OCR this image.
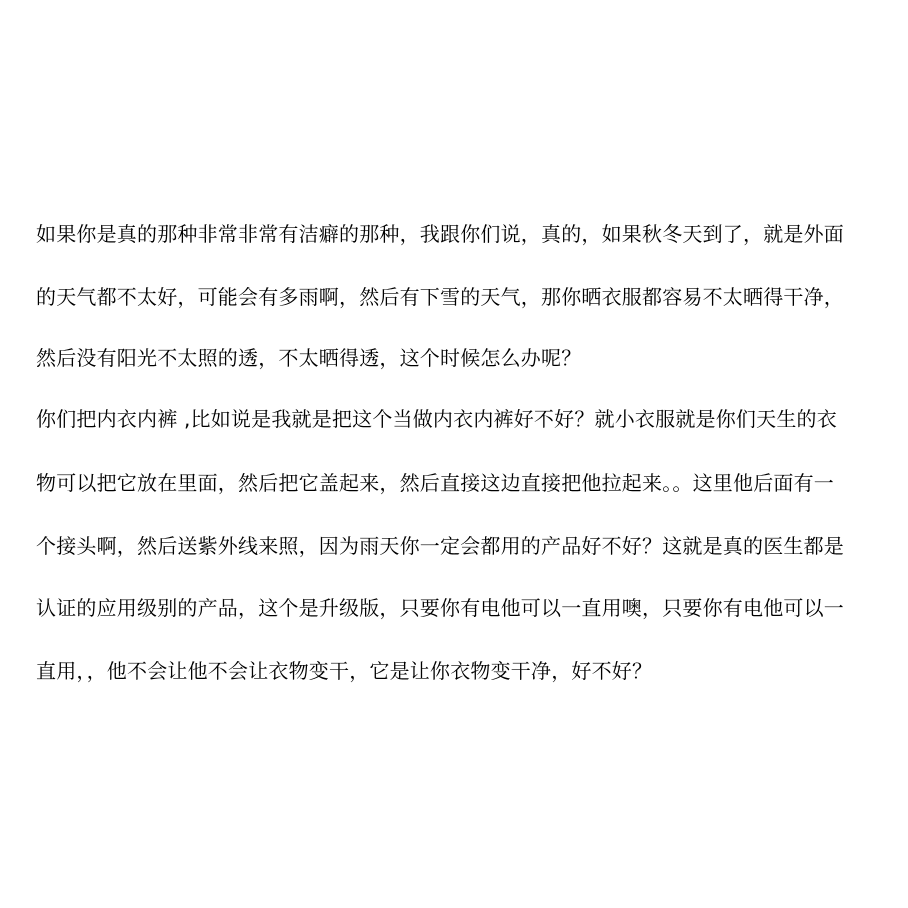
如果你是真的那种非常非常有洁癖的那种，我跟你们说，真的，如果秋冬天到了，就是外面
的天气都不太好，可能会有多雨啊，然后有下雪的天气，那你晒衣服都容易不太晒得干净，
然后没有阳光不太照的透，不太晒得透，这个时候怎么办呢？
你们把内衣内裤 ,比如说是我就是把这个当做内衣内裤好不好？就小衣服就是你们天生的衣
物可以把它放在里面，然后把它盖起来，然后直接这边直接把他拉起来。。这里他后面有一
个接头啊，然后送紫外线来照，因为雨天你一定会都用的产品好不好？这就是真的医生都是
认证的应用级别的产品，这个是升级版，只要你有电他可以一直用噢，只要你有电他可以一
直用，，他不会让他不会让衣物变干，它是让你衣物变干净，好不好？
